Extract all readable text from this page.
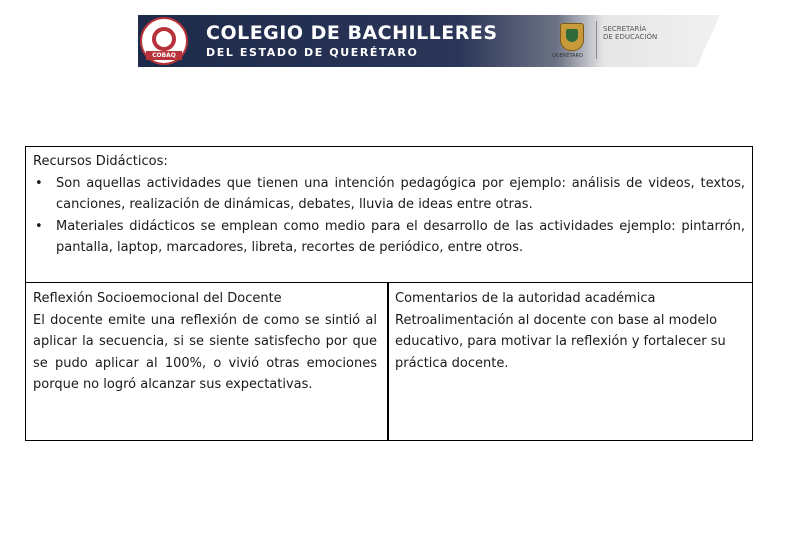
COBAQ
COLEGIO DE BACHILLERES
DEL ESTADO DE QUERÉTARO	QUERÉTARO
SECRETARÍA
DE EDUCACIÓN
Recursos Didácticos:
• Son aquellas actividades que tienen una intención pedagógica por ejemplo: análisis de videos, textos, canciones, realización de dinámicas, debates, lluvia de ideas entre otras.
• Materiales didácticos se emplean como medio para el desarrollo de las actividades ejemplo: pintarrón, pantalla, laptop, marcadores, libreta, recortes de periódico, entre otros.
Reflexión Socioemocional del Docente
El docente emite una reflexión de como se sintió al aplicar la secuencia, si se siente satisfecho por que se pudo aplicar al 100%, o vivió otras emociones porque no logró alcanzar sus expectativas.
Comentarios de la autoridad académica
Retroalimentación al docente con base al modelo educativo, para motivar la reflexión y fortalecer su práctica docente.
